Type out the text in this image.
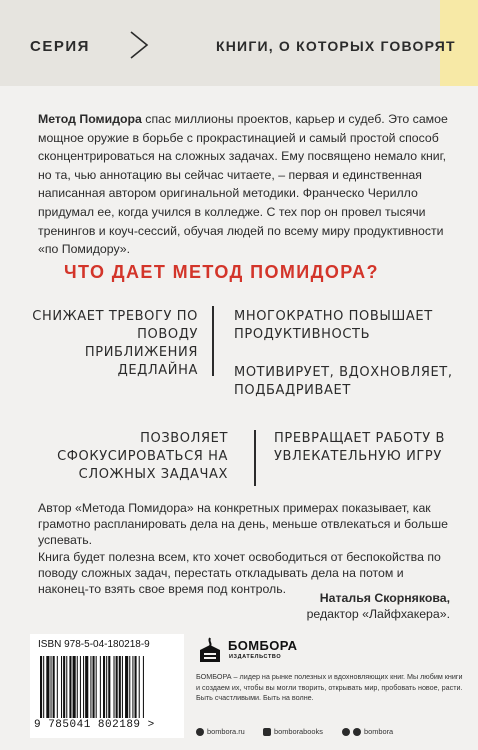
СЕРИЯ	КНИГИ, О КОТОРЫХ ГОВОРЯТ

Метод Помидора спас миллионы проектов, карьер и судеб. Это самое мощное оружие в борьбе с прокрастинацией и самый простой способ сконцентрироваться на сложных задачах. Ему посвящено немало книг, но та, чью аннотацию вы сейчас читаете, – первая и единственная написанная автором оригинальной методики. Франческо Черилло придумал ее, когда учился в колледже. С тех пор он провел тысячи тренингов и коуч-сессий, обучая людей по всему миру продуктивности «по Помидору».

ЧТО ДАЕТ МЕТОД ПОМИДОРА?
СНИЖАЕТ ТРЕВОГУ ПО ПОВОДУ ПРИБЛИЖЕНИЯ ДЕДЛАЙНА
МНОГОКРАТНО ПОВЫШАЕТ ПРОДУКТИВНОСТЬ
МОТИВИРУЕТ, ВДОХНОВЛЯЕТ, ПОДБАДРИВАЕТ
ПОЗВОЛЯЕТ СФОКУСИРОВАТЬСЯ НА СЛОЖНЫХ ЗАДАЧАХ
ПРЕВРАЩАЕТ РАБОТУ В УВЛЕКАТЕЛЬНУЮ ИГРУ

Автор «Метода Помидора» на конкретных примерах показывает, как грамотно распланировать дела на день, меньше отвлекаться и больше успевать.

Книга будет полезна всем, кто хочет освободиться от беспокойства по поводу сложных задач, перестать откладывать дела на потом и наконец-то взять свое время под контроль.

Наталья Скорнякова,
редактор «Лайфхакера».
ISBN 978-5-04-180218-9
9 785041 802189 >
БОМБОРА
ИЗДАТЕЛЬСТВО
БОМБОРА – лидер на рынке полезных и вдохновляющих книг. Мы любим книги и создаем их, чтобы вы могли творить, открывать мир, пробовать новое, расти. Быть счастливыми. Быть на волне.
bombora.ru	bomborabooks	bombora
